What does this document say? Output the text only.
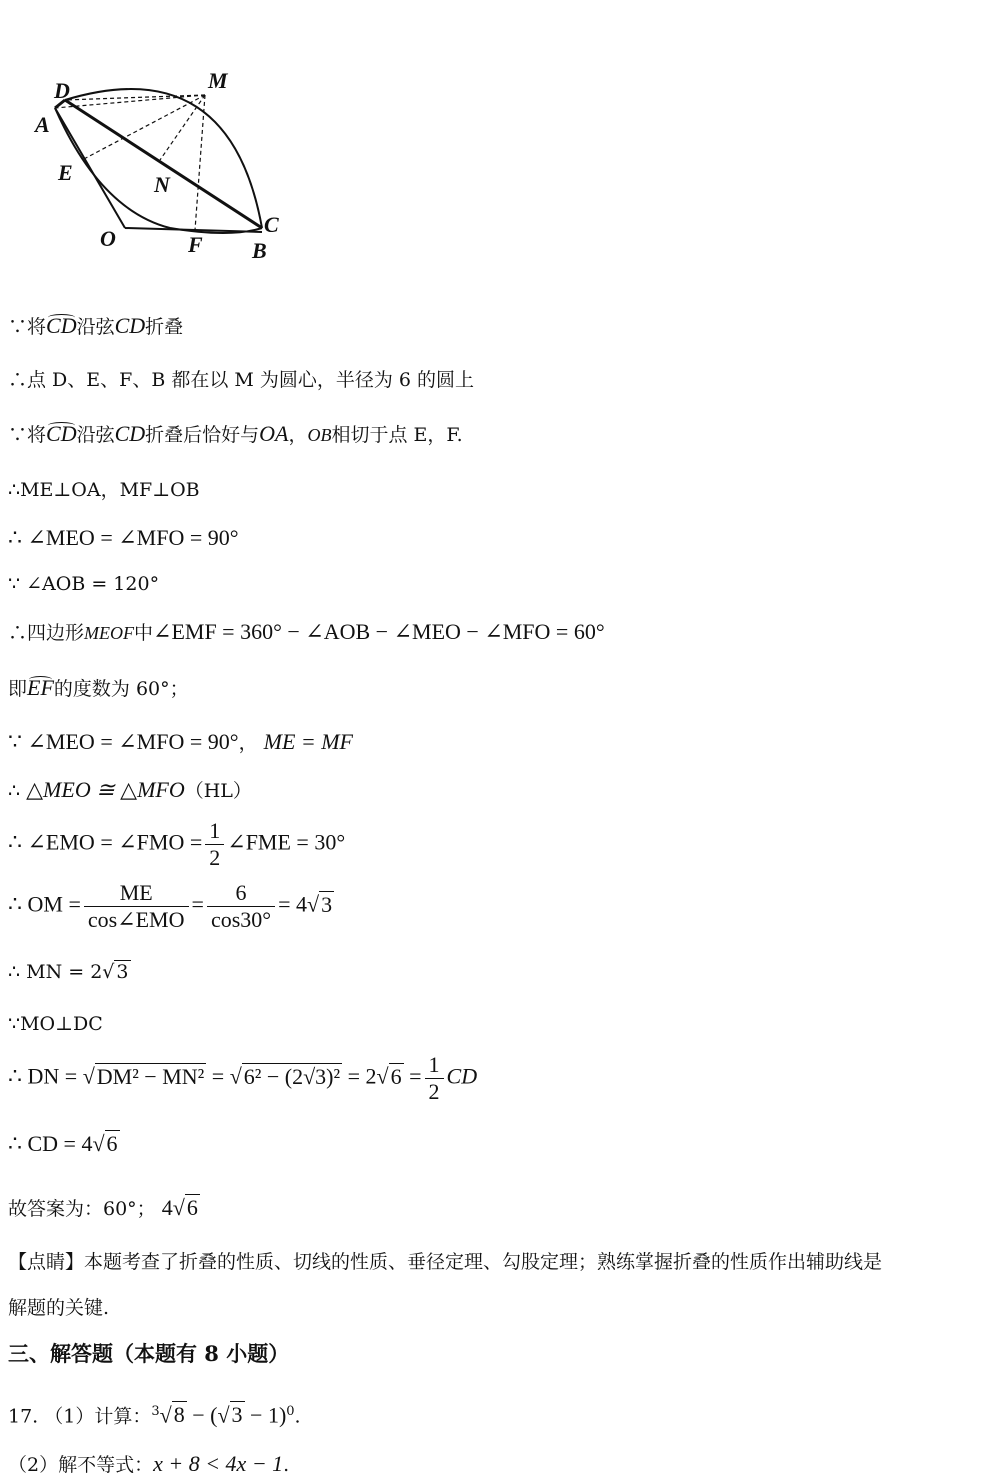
D	M
A
E	N
C
O	F B
∵将CD沿弦CD折叠
∴点 D、E、F、B 都在以 M 为圆心，半径为 6 的圆上
∵将CD沿弦CD折叠后恰好与OA，OB相切于点 E，F.
∴ME⊥OA，MF⊥OB
∴ ∠MEO = ∠MFO = 90°
∵ ∠AOB = 120°
∴四边形MEOF中∠EMF = 360° − ∠AOB − ∠MEO − ∠MFO = 60°
即EF的度数为 60°；
∵ ∠MEO = ∠MFO = 90°， ME = MF
∴ △MEO ≅ △MFO（HL）
∴ ∠EMO = ∠FMO = $\frac{1}{2}$ ∠FME = 30°
∴ OM = $\frac{ME}{\text{cos∠EMO}} = \frac{6}{\cos 30^\circ} = 4√3$
∴ MN = 2√ 3
∵MO⊥DC
∴ DN = $√DM^2 - MN^2 = √6^2 - (2√3)^2 = 2√6 = \frac{1}{2}$ CD
∴ CD = 4√6
故答案为：60°； 4√6
【点睛】本题考查了折叠的性质、切线的性质、垂径定理、勾股定理；熟练掌握折叠的性质作出辅助线是
解题的关键.
三、解答题（本题有 8 小题）
17. （1）计算：$^3√8 - (√3 - 1)^0$.
（2）解不等式：x + 8 < 4x − 1.
